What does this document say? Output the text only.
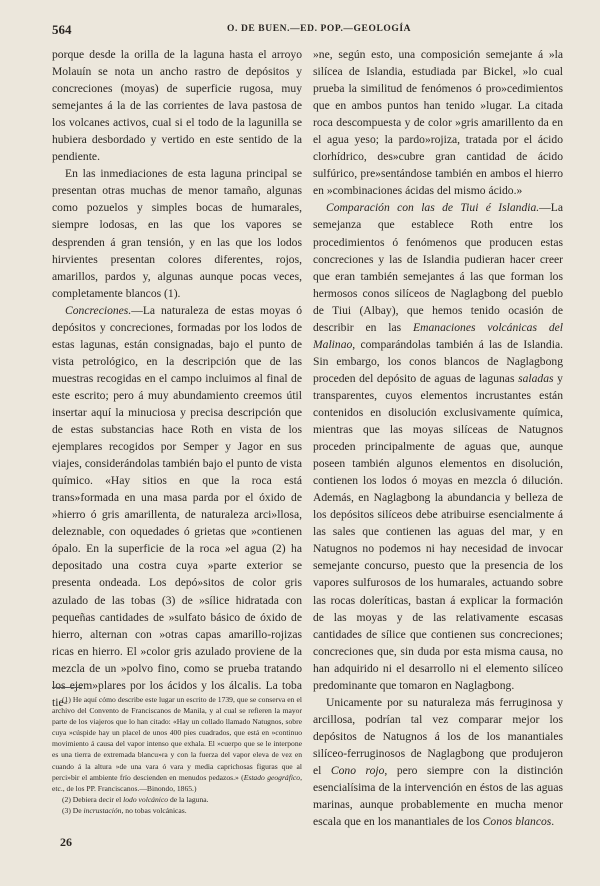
564	O. DE BUEN.—ED. POP.—GEOLOGÍA

porque desde la orilla de la laguna hasta el arroyo Molauín se nota un ancho rastro de depósitos y concreciones (moyas) de superficie rugosa, muy semejantes á la de las corrientes de lava pastosa de los volcanes activos, cual si el todo de la lagunilla se hubiera desbordado y vertido en este sentido de la pendiente.

En las inmediaciones de esta laguna principal se presentan otras muchas de menor tamaño, algunas como pozuelos y simples bocas de humarales, siempre lodosas, en las que los vapores se desprenden á gran tensión, y en las que los lodos hirvientes presentan colores diferentes, rojos, amarillos, pardos y, algunas aunque pocas veces, completamente blancos (1).

Concreciones.—La naturaleza de estas moyas ó depósitos y concreciones, formadas por los lodos de estas lagunas, están consignadas, bajo el punto de vista petrológico, en la descripción que de las muestras recogidas en el campo incluimos al final de este escrito; pero á muy abundamiento creemos útil insertar aquí la minuciosa y precisa descripción que de estas substancias hace Roth en vista de los ejemplares recogidos por Semper y Jagor en sus viajes, considerándolas también bajo el punto de vista químico. «Hay sitios en que la roca está trans»formada en una masa parda por el óxido de »hierro ó gris amarillenta, de naturaleza arci»llosa, deleznable, con oquedades ó grietas que »contienen ópalo. En la superficie de la roca »el agua (2) ha depositado una costra cuya »parte exterior se presenta ondeada. Los depó»sitos de color gris azulado de las tobas (3) de »sílice hidratada con pequeñas cantidades de »sulfato básico de óxido de hierro, alternan con »otras capas amarillo-rojizas ricas en hierro. El »color gris azulado proviene de la mezcla de un »polvo fino, como se prueba tratando los ejem»plares por los ácidos y los álcalis. La toba tie-

»ne, según esto, una composición semejante á »la silícea de Islandia, estudiada par Bickel, »lo cual prueba la similitud de fenómenos ó pro»cedimientos que en ambos puntos han tenido »lugar. La citada roca descompuesta y de color »gris amarillento da en el agua yeso; la pardo»rojiza, tratada por el ácido clorhídrico, des»cubre gran cantidad de ácido sulfúrico, pre»sentándose también en ambos el hierro en »combinaciones ácidas del mismo ácido.»

Comparación con las de Tiui é Islandia.—La semejanza que establece Roth entre los procedimientos ó fenómenos que producen estas concreciones y las de Islandia pudieran hacer creer que eran también semejantes á las que forman los hermosos conos silíceos de Naglagbong del pueblo de Tiui (Albay), que hemos tenido ocasión de describir en las Emanaciones volcánicas del Malinao, comparándolas también á las de Islandia. Sin embargo, los conos blancos de Naglagbong proceden del depósito de aguas de lagunas saladas y transparentes, cuyos elementos incrustantes están contenidos en disolución exclusivamente química, mientras que las moyas silíceas de Natugnos proceden principalmente de aguas que, aunque poseen también algunos elementos en disolución, contienen los lodos ó moyas en mezcla ó dilución. Además, en Naglagbong la abundancia y belleza de los depósitos silíceos debe atribuirse esencialmente á las sales que contienen las aguas del mar, y en Natugnos no podemos ni hay necesidad de invocar semejante concurso, puesto que la presencia de los vapores sulfurosos de los humarales, actuando sobre las rocas doleríticas, bastan á explicar la formación de las moyas y de las relativamente escasas cantidades de sílice que contienen sus concreciones; concreciones que, sin duda por esta misma causa, no han adquirido ni el desarrollo ni el elemento silíceo predominante que tomaron en Naglagbong.

Unicamente por su naturaleza más ferruginosa y arcillosa, podrían tal vez comparar mejor los depósitos de Natugnos á los de los manantiales silíceo-ferruginosos de Naglagbong que produjeron el Cono rojo, pero siempre con la distinción esencialísima de la intervención en éstos de las aguas marinas, aunque probablemente en mucha menor escala que en los manantiales de los Conos blancos.

(1) He aquí cómo describe este lugar un escrito de 1739, que se conserva en el archivo del Convento de Franciscanos de Manila, y al cual se refieren la mayor parte de los viajeros que lo han citado: «Hay un collado llamado Natugnos, sobre cuya »cúspide hay un placel de unos 400 pies cuadrados, que está en »continuo movimiento á causa del vapor intenso que exhala. El »cuerpo que se le interpone es una tierra de extremada blancu»ra y con la fuerza del vapor eleva de vez en cuando á la altura »de una vara ó vara y media caprichosas figuras que al perci»bir el ambiente frío descienden en menudos pedazos.» (Estado geográfico, etc., de los PP. Franciscanos.—Binondo, 1865.)

(2) Debiera decir el lodo volcánico de la laguna.

(3) De incrustación, no tobas volcánicas.

26
